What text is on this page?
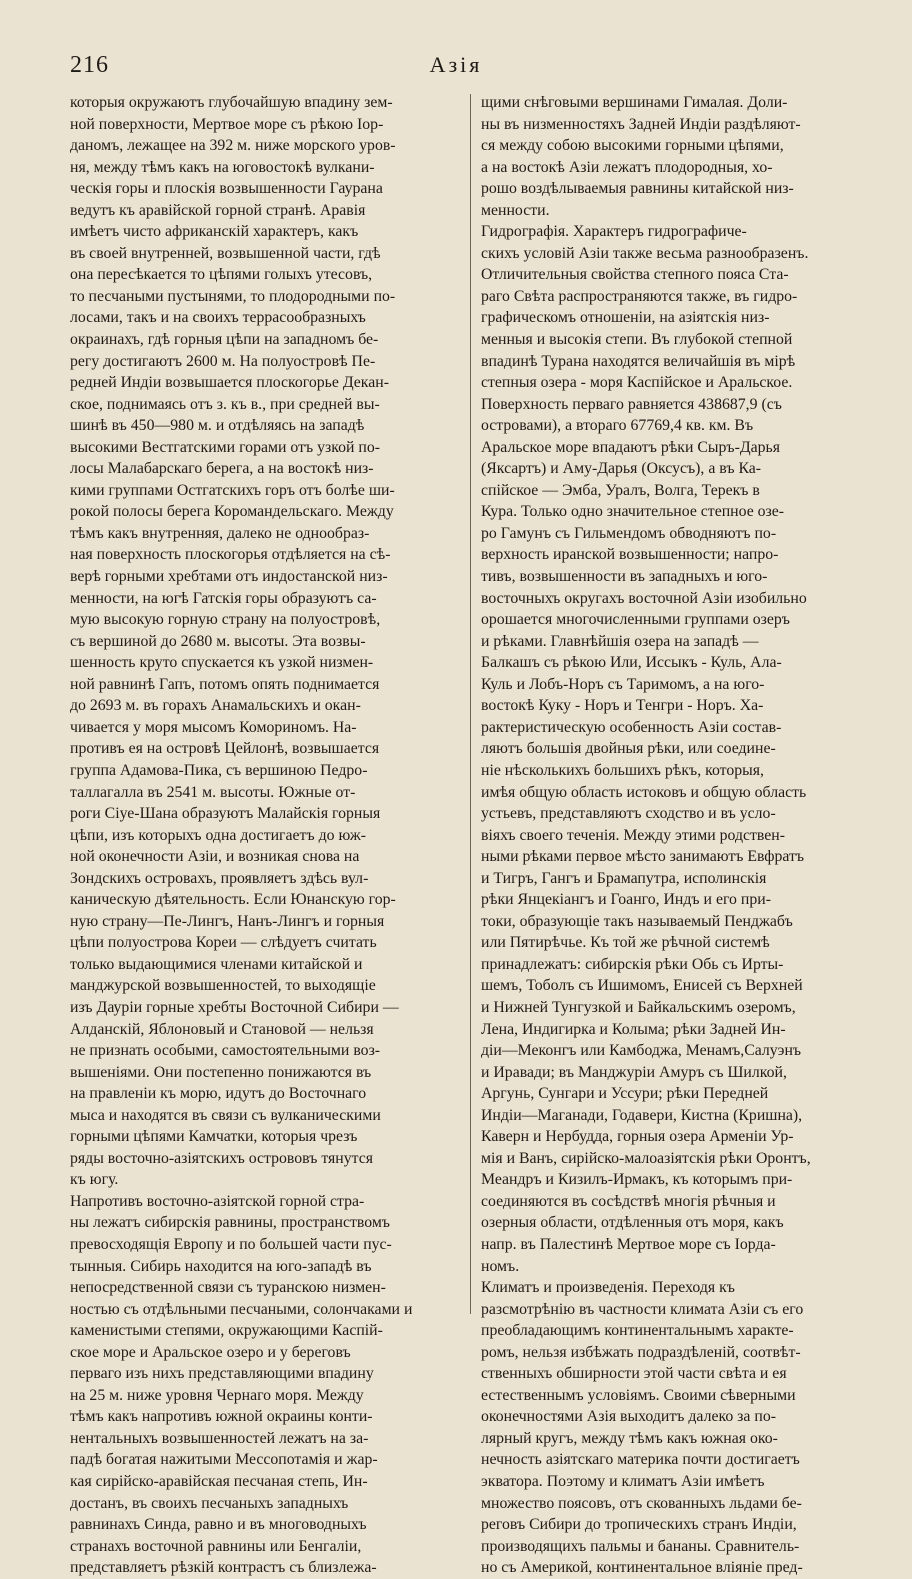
216	Азія
которыя окружаютъ глубочайшую впадину зем-
ной поверхности, Мертвое море съ рѣкою Іор-
даномъ, лежащее на 392 м. ниже морского уров-
ня, между тѣмъ какъ на юговостокѣ вулкани-
ческія горы и плоскія возвышенности Гаурана
ведутъ къ аравійской горной странѣ. Аравія
имѣетъ чисто африканскій характеръ, какъ
въ своей внутренней, возвышенной части, гдѣ
она пересѣкается то цѣпями голыхъ утесовъ,
то песчаными пустынями, то плодородными по-
лосами, такъ и на своихъ террасообразныхъ
окраинахъ, гдѣ горныя цѣпи на западномъ бе-
регу достигаютъ 2600 м. На полуостровѣ Пе-
редней Индіи возвышается плоскогорье Декан-
ское, поднимаясь отъ з. къ в., при средней вы-
шинѣ въ 450—980 м. и отдѣляясь на западѣ
высокими Вестгатскими горами отъ узкой по-
лосы Малабарскаго берега, а на востокѣ низ-
кими группами Остгатскихъ горъ отъ болѣе ши-
рокой полосы берега Коромандельскаго. Между
тѣмъ какъ внутренняя, далеко не однообраз-
ная поверхность плоскогорья отдѣляется на сѣ-
верѣ горными хребтами отъ индостанской низ-
менности, на югѣ Гатскія горы образуютъ са-
мую высокую горную страну на полуостровѣ,
съ вершиной до 2680 м. высоты. Эта возвы-
шенность круто спускается къ узкой низмен-
ной равнинѣ Гапъ, потомъ опять поднимается
до 2693 м. въ горахъ Анамальскихъ и окан-
чивается у моря мысомъ Комориномъ. На-
противъ ея на островѣ Цейлонѣ, возвышается
группа Адамова-Пика, съ вершиною Педро-
таллагалла въ 2541 м. высоты. Южные от-
роги Сіуе-Шана образуютъ Малайскія горныя
цѣпи, изъ которыхъ одна достигаетъ до юж-
ной оконечности Азіи, и возникая снова на
Зондскихъ островахъ, проявляетъ здѣсь вул-
каническую дѣятельность. Если Юнанскую гор-
ную страну—Пе-Лингъ, Нанъ-Лингъ и горныя
цѣпи полуострова Кореи — слѣдуетъ считать
только выдающимися членами китайской и
манджурской возвышенностей, то выходящіе
изъ Дауріи горные хребты Восточной Сибири —
Алданскій, Яблоновый и Становой — нельзя
не признать особыми, самостоятельными воз-
вышеніями. Они постепенно понижаются въ
на правленіи къ морю, идутъ до Восточнаго
мыса и находятся въ связи съ вулканическими
горными цѣпями Камчатки, которыя чрезъ
ряды восточно-азіятскихъ острововъ тянутся
къ югу.
Напротивъ восточно-азіятской горной стра-
ны лежатъ сибирскія равнины, пространствомъ
превосходящія Европу и по большей части пус-
тынныя. Сибирь находится на юго-западѣ въ
непосредственной связи съ туранскою низмен-
ностью съ отдѣльными песчаными, солончаками и
каменистыми степями, окружающими Каспій-
ское море и Аральское озеро и у береговъ
перваго изъ нихъ представляющими впадину
на 25 м. ниже уровня Чернаго моря. Между
тѣмъ какъ напротивъ южной окраины конти-
нентальныхъ возвышенностей лежатъ на за-
падѣ богатая нажитыми Мессопотамія и жар-
кая сирійско-аравійская песчаная степь, Ин-
достанъ, въ своихъ песчаныхъ западныхъ
равнинахъ Синда, равно и въ многоводныхъ
странахъ восточной равнины или Бенгаліи,
представляетъ рѣзкій контрастъ съ близлежа-
щими снѣговыми вершинами Гималая. Доли-
ны въ низменностяхъ Задней Индіи раздѣляют-
ся между собою высокими горными цѣпями,
а на востокѣ Азіи лежатъ плодородныя, хо-
рошо воздѣлываемыя равнины китайской низ-
менности.
Гидрографія. Характеръ гидрографиче-
скихъ условій Азіи также весьма разнообразенъ.
Отличительныя свойства степного пояса Ста-
раго Свѣта распространяются также, въ гидро-
графическомъ отношеніи, на азіятскія низ-
менныя и высокія степи. Въ глубокой степной
впадинѣ Турана находятся величайшія въ мірѣ
степныя озера - моря Каспійское и Аральское.
Поверхность перваго равняется 438687,9 (съ
островами), а втораго 67769,4 кв. км. Въ
Аральское море впадаютъ рѣки Сыръ-Дарья
(Яксартъ) и Аму-Дарья (Оксусъ), а въ Ка-
спійское — Эмба, Уралъ, Волга, Терекъ в
Кура. Только одно значительное степное озе-
ро Гамунъ съ Гильмендомъ обводняютъ по-
верхность иранской возвышенности; напро-
тивъ, возвышенности въ западныхъ и юго-
восточныхъ округахъ восточной Азіи изобильно
орошается многочисленными группами озеръ
и рѣками. Главнѣйшія озера на западѣ —
Балкашъ съ рѣкою Или, Иссыкъ - Куль, Ала-
Куль и Лобъ-Норъ съ Таримомъ, а на юго-
востокѣ Куку - Норъ и Тенгри - Норъ. Ха-
рактеристическую особенность Азіи состав-
ляютъ большія двойныя рѣки, или соедине-
ніе нѣсколькихъ большихъ рѣкъ, которыя,
имѣя общую область истоковъ и общую область
устьевъ, представляютъ сходство и въ усло-
віяхъ своего теченія. Между этими родствен-
ными рѣками первое мѣсто занимаютъ Евфратъ
и Тигръ, Гангъ и Брамапутра, исполинскія
рѣки Янцекіангъ и Гоанго, Индъ и его при-
токи, образующіе такъ называемый Пенджабъ
или Пятирѣчье. Къ той же рѣчной системѣ
принадлежатъ: сибирскія рѣки Обь съ Ирты-
шемъ, Тоболъ съ Ишимомъ, Енисей съ Верхней
и Нижней Тунгузкой и Байкальскимъ озеромъ,
Лена, Индигирка и Колыма; рѣки Задней Ин-
діи—Меконгъ или Камбоджа, Менамъ,Салуэнъ
и Иравади; въ Манджуріи Амуръ съ Шилкой,
Аргунь, Сунгари и Уссури; рѣки Передней
Индіи—Маганади, Годавери, Кистна (Кришна),
Каверн и Нербудда, горныя озера Арменіи Ур-
мія и Ванъ, сирійско-малоазіятскія рѣки Оронтъ,
Меандръ и Кизилъ-Ирмакъ, къ которымъ при-
соединяются въ сосѣдствѣ многія рѣчныя и
озерныя области, отдѣленныя отъ моря, какъ
напр. въ Палестинѣ Мертвое море съ Іорда-
номъ.
Климатъ и произведенія. Переходя къ
разсмотрѣнію въ частности климата Азіи съ его
преобладающимъ континентальнымъ характе-
ромъ, нельзя избѣжать подраздѣленій, соотвѣт-
ственныхъ обширности этой части свѣта и ея
естественнымъ условіямъ. Своими сѣверными
оконечностями Азія выходитъ далеко за по-
лярный кругъ, между тѣмъ какъ южная око-
нечность азіятскаго материка почти достигаетъ
экватора. Поэтому и климатъ Азіи имѣетъ
множество поясовъ, отъ скованныхъ льдами бе-
реговъ Сибири до тропическихъ странъ Индіи,
производящихъ пальмы и бананы. Сравнитель-
но съ Америкой, континентальное вліяніе пред-
